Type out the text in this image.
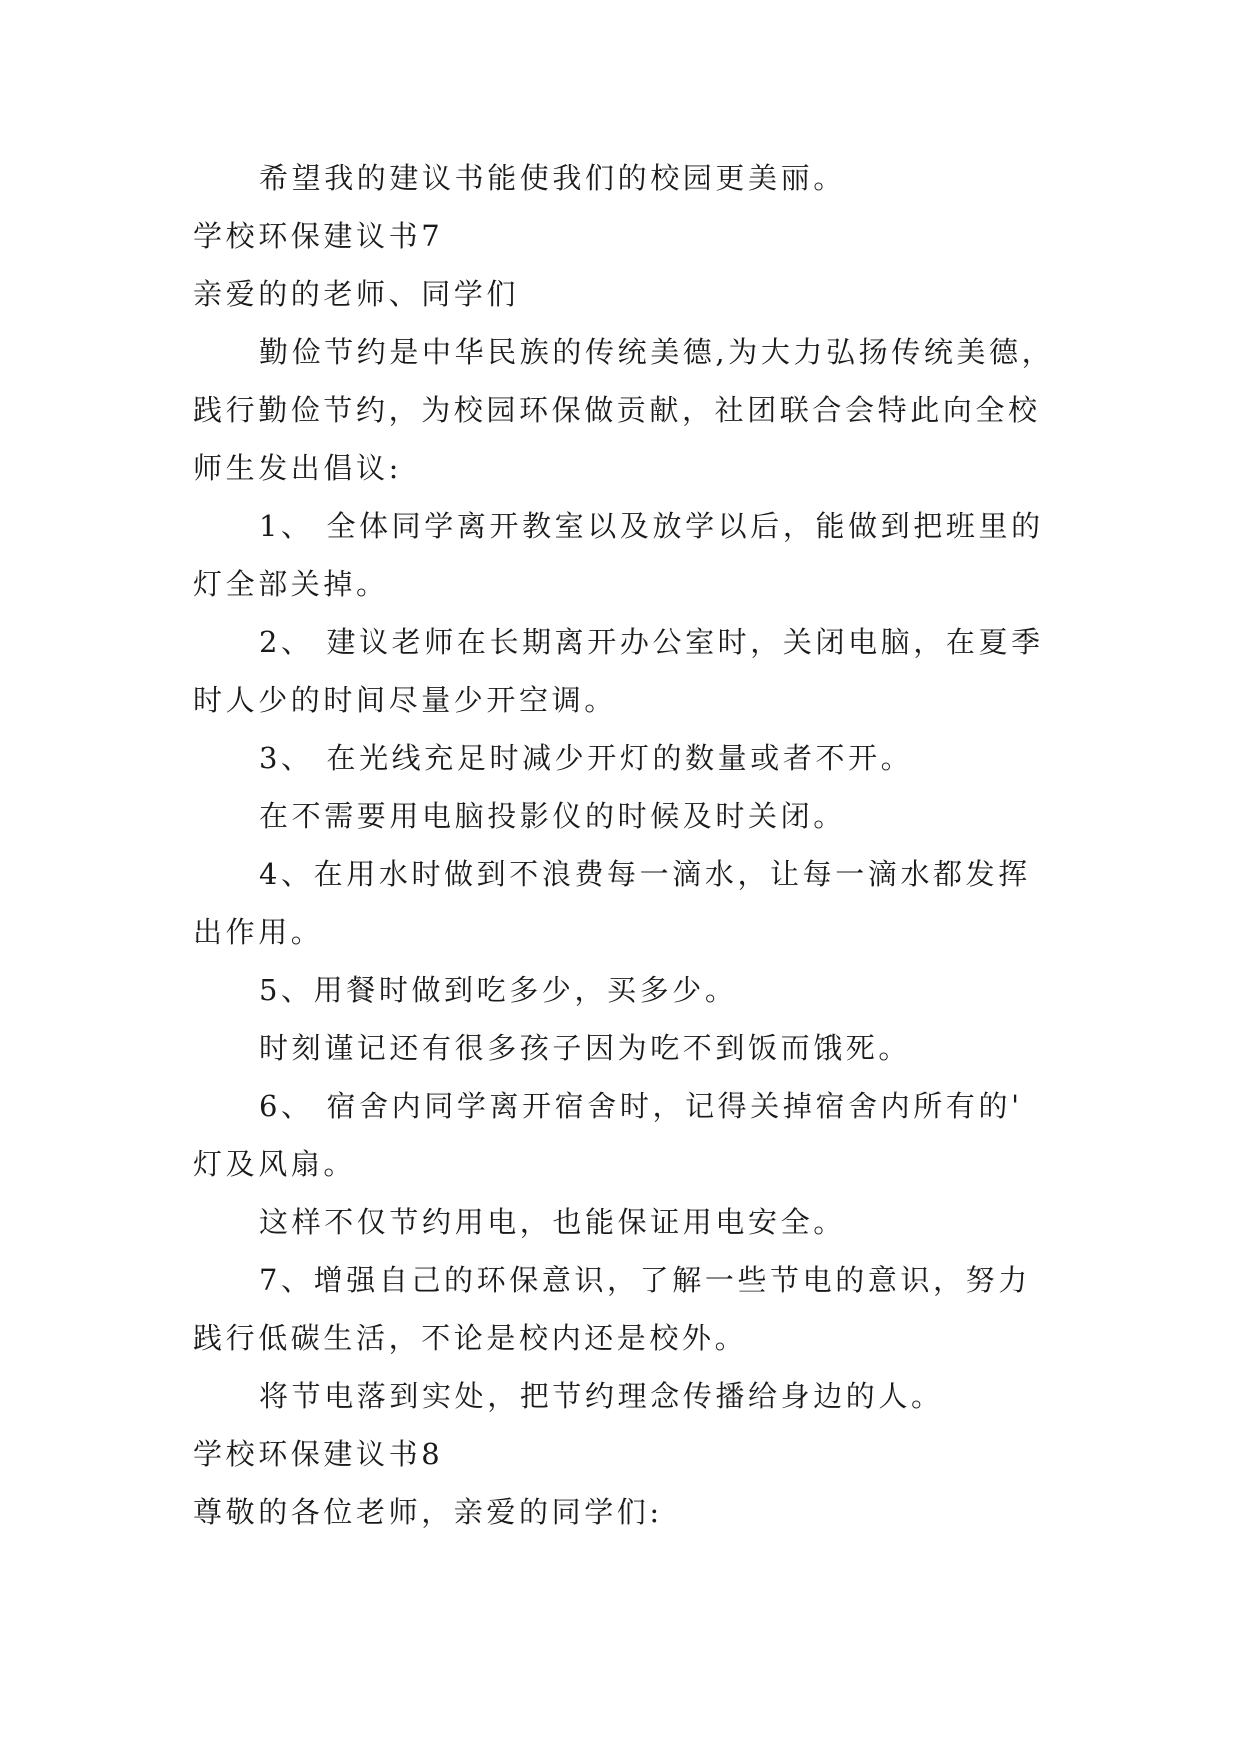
希望我的建议书能使我们的校园更美丽。
学校环保建议书7
亲爱的的老师、同学们
勤俭节约是中华民族的传统美德,为大力弘扬传统美德，
践行勤俭节约，为校园环保做贡献，社团联合会特此向全校
师生发出倡议:
1、 全体同学离开教室以及放学以后，能做到把班里的
灯全部关掉。
2、 建议老师在长期离开办公室时，关闭电脑，在夏季
时人少的时间尽量少开空调。
3、 在光线充足时减少开灯的数量或者不开。
在不需要用电脑投影仪的时候及时关闭。
4、在用水时做到不浪费每一滴水，让每一滴水都发挥
出作用。
5、用餐时做到吃多少，买多少。
时刻谨记还有很多孩子因为吃不到饭而饿死。
6、 宿舍内同学离开宿舍时，记得关掉宿舍内所有的'
灯及风扇。
这样不仅节约用电，也能保证用电安全。
7、增强自己的环保意识，了解一些节电的意识，努力
践行低碳生活，不论是校内还是校外。
将节电落到实处，把节约理念传播给身边的人。
学校环保建议书8
尊敬的各位老师，亲爱的同学们:
